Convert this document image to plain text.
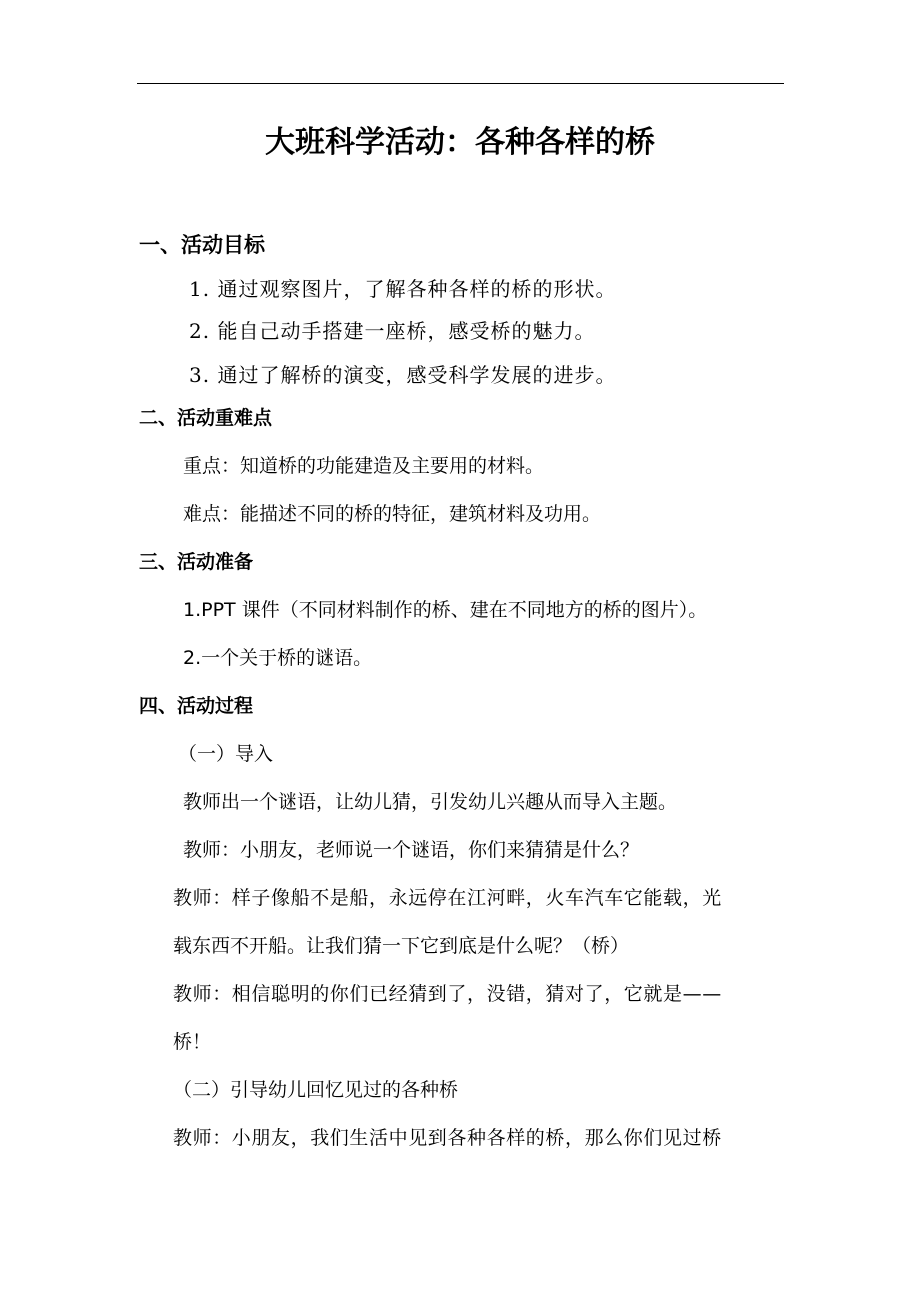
大班科学活动：各种各样的桥
一、活动目标
1. 通过观察图片，了解各种各样的桥的形状。
2. 能自己动手搭建一座桥，感受桥的魅力。
3. 通过了解桥的演变，感受科学发展的进步。
二、活动重难点
重点：知道桥的功能建造及主要用的材料。
难点：能描述不同的桥的特征，建筑材料及功用。
三、活动准备
1.PPT 课件（不同材料制作的桥、建在不同地方的桥的图片）。
2.一个关于桥的谜语。
四、活动过程
（一）导入
教师出一个谜语，让幼儿猜，引发幼儿兴趣从而导入主题。
教师：小朋友，老师说一个谜语，你们来猜猜是什么？
教师：样子像船不是船，永远停在江河畔，火车汽车它能载，光
载东西不开船。让我们猜一下它到底是什么呢？（桥）
教师：相信聪明的你们已经猜到了，没错，猜对了，它就是——
桥！
（二）引导幼儿回忆见过的各种桥
教师：小朋友，我们生活中见到各种各样的桥，那么你们见过桥
